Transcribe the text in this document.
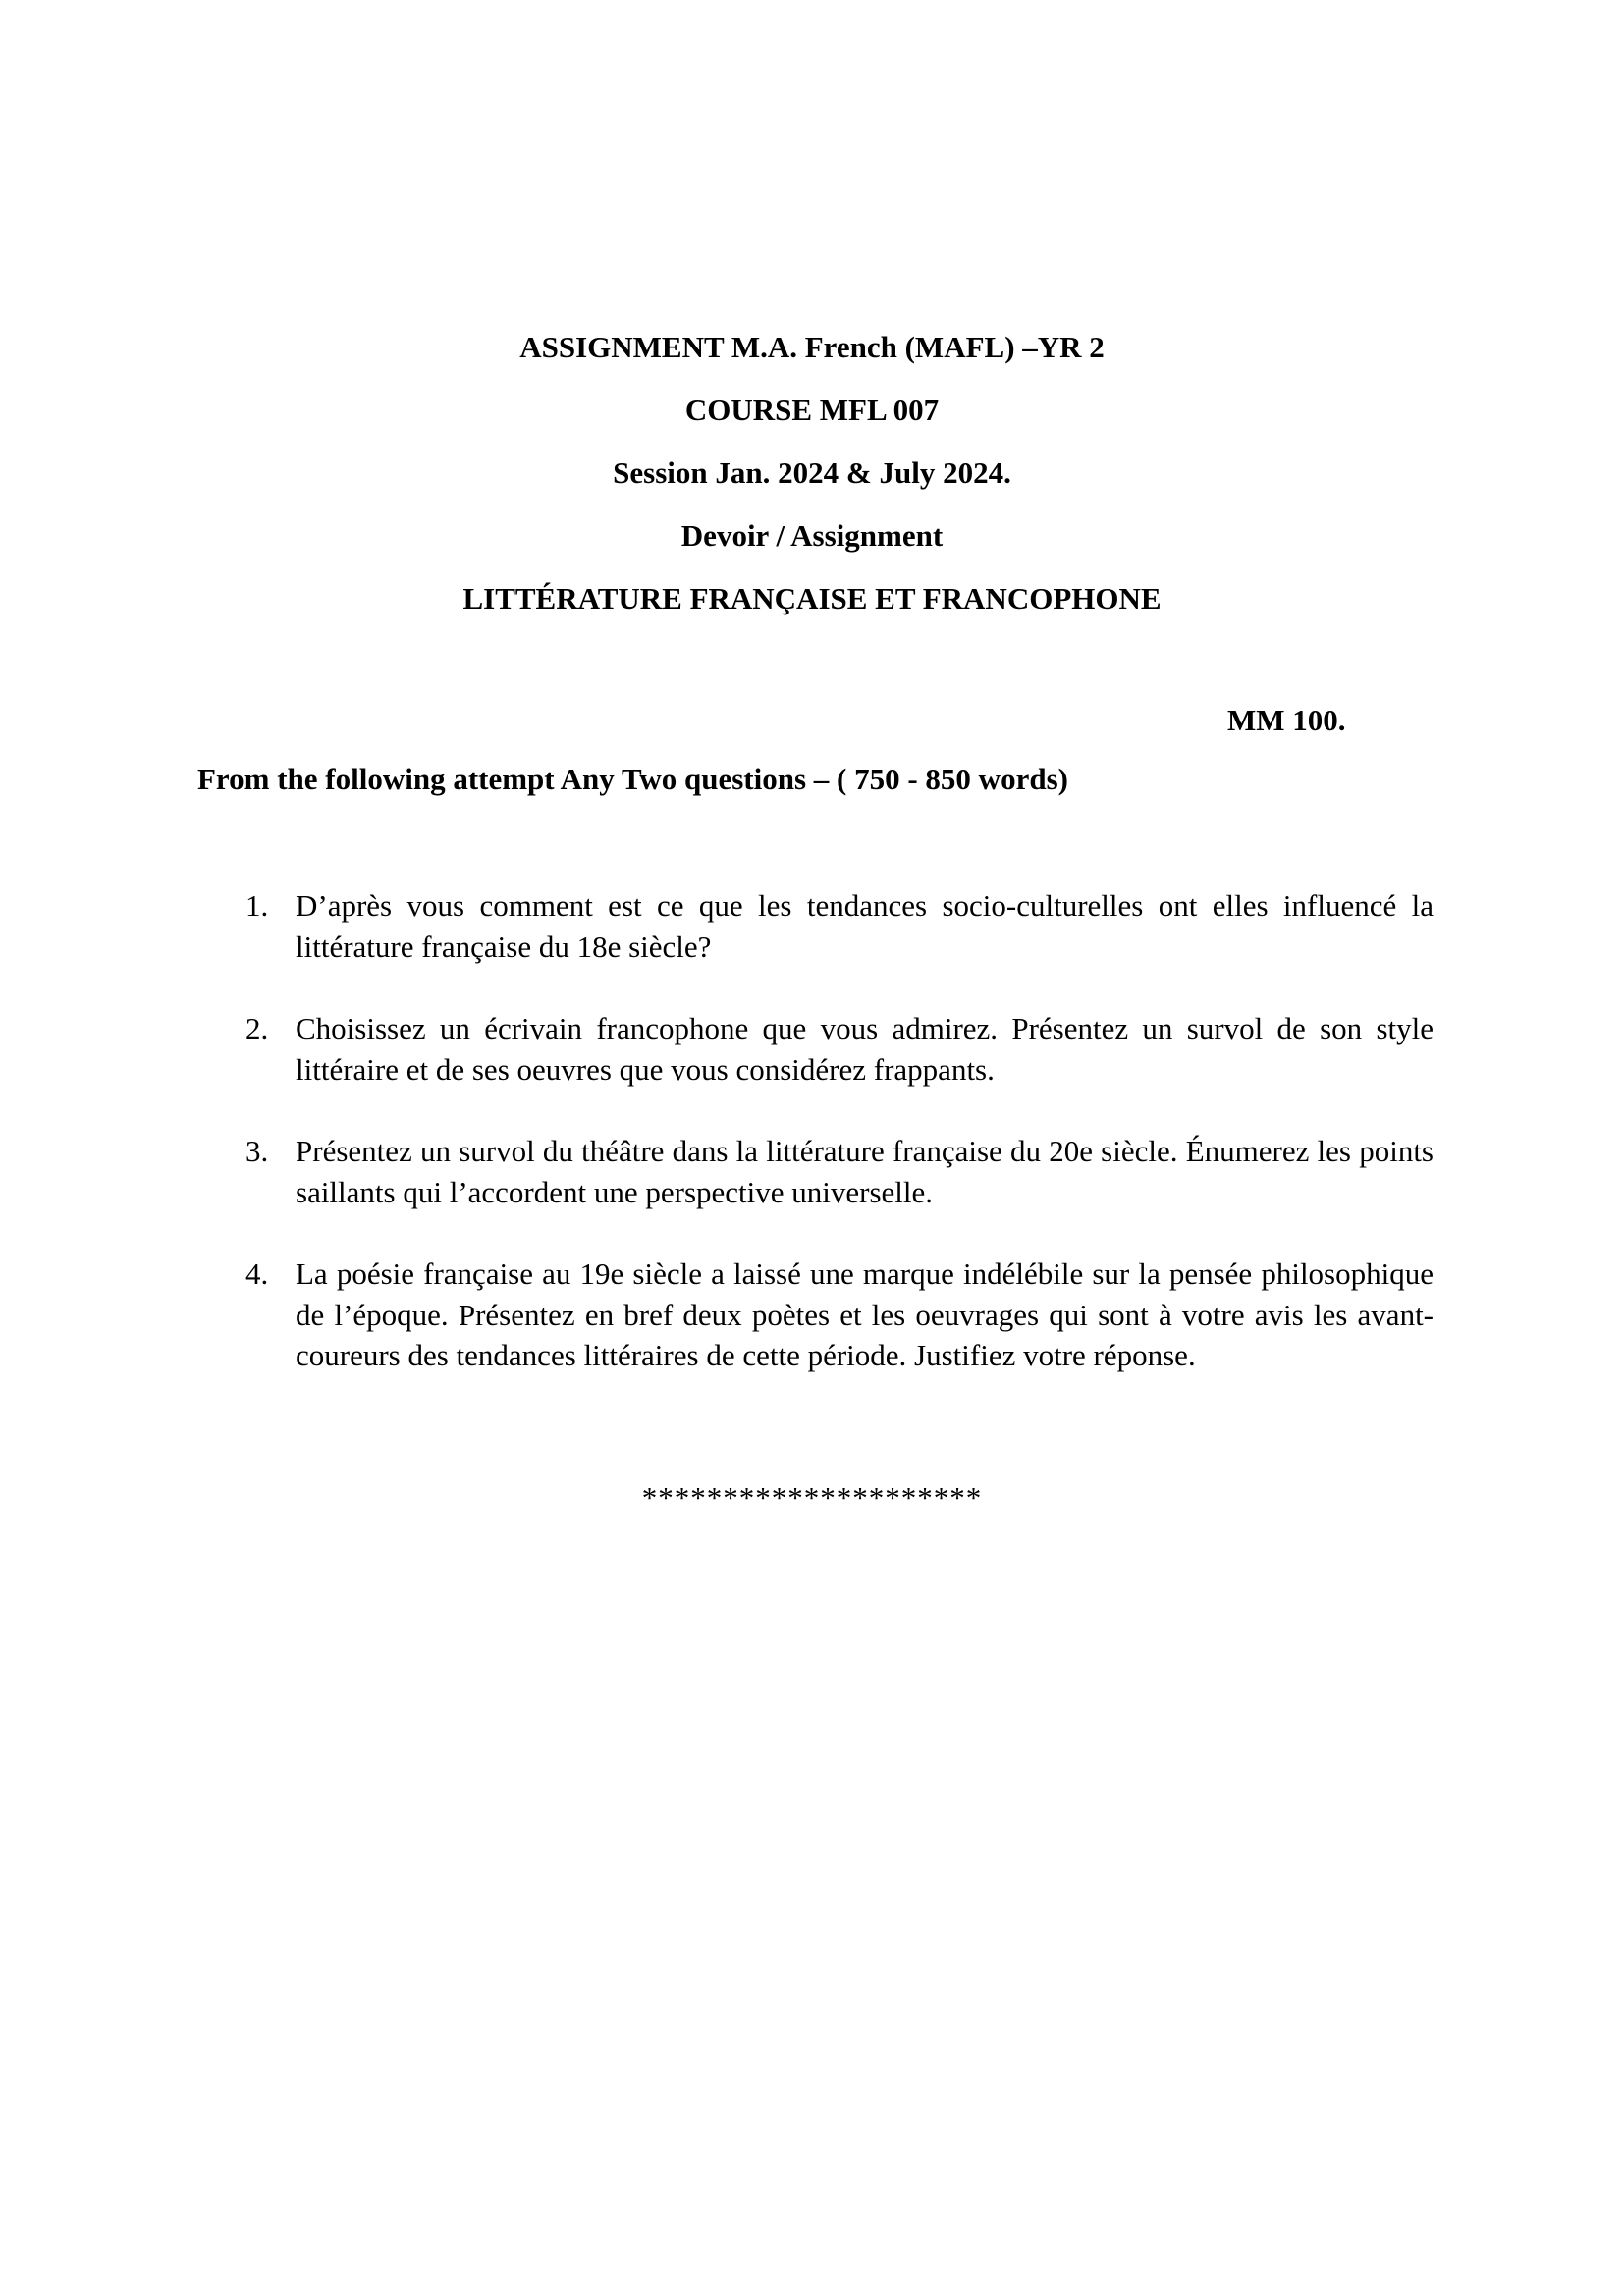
ASSIGNMENT M.A. French (MAFL) –YR 2
COURSE MFL 007
Session Jan. 2024 & July 2024.
Devoir / Assignment
LITTÉRATURE FRANÇAISE ET FRANCOPHONE
MM 100.
From the following attempt Any Two questions – ( 750 - 850 words)
1. D’après vous comment est ce que les tendances socio-culturelles ont elles influencé la littérature française du 18e siècle?
2. Choisissez un écrivain francophone que vous admirez. Présentez un survol de son style littéraire et de ses oeuvres que vous considérez frappants.
3. Présentez un survol du théâtre dans la littérature française du 20e siècle. Énumerez les points saillants qui l’accordent une perspective universelle.
4. La poésie française au 19e siècle a laissé une marque indélébile sur la pensée philosophique de l’époque. Présentez en bref deux poètes et les oeuvrages qui sont à votre avis les avant-coureurs des tendances littéraires de cette période. Justifiez votre réponse.
*********************
